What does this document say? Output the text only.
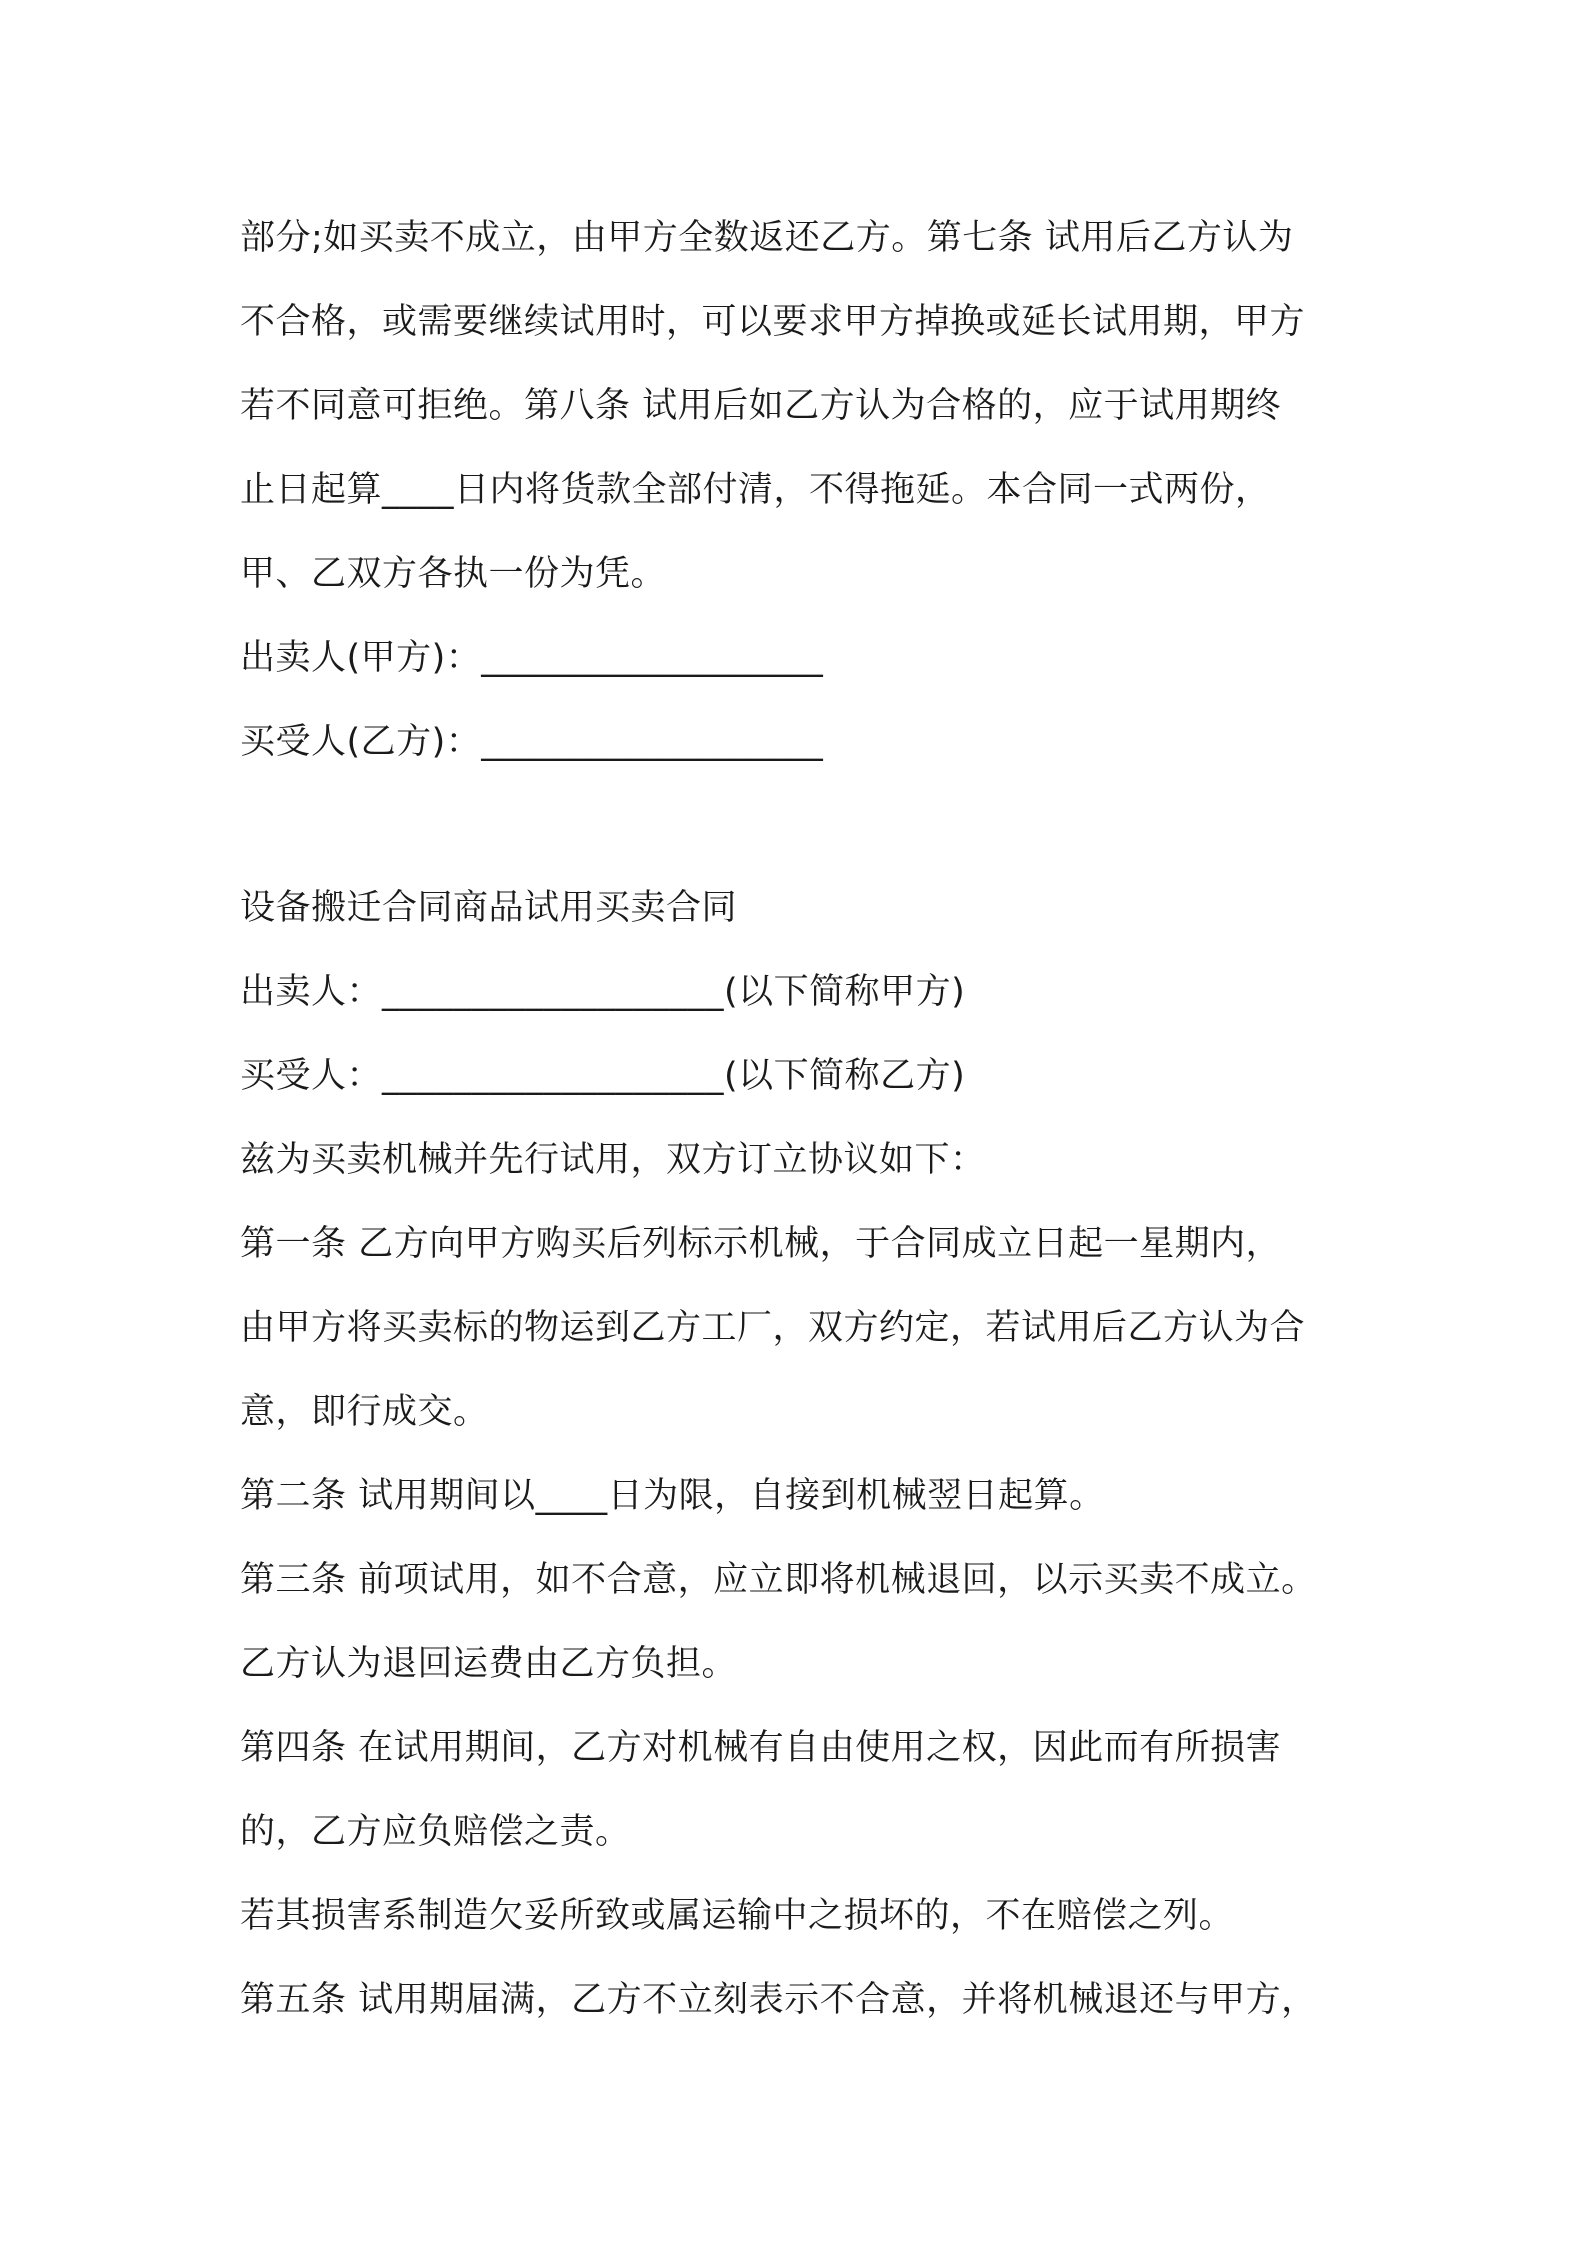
部分;如买卖不成立，由甲方全数返还乙方。第七条 试用后乙方认为
不合格，或需要继续试用时，可以要求甲方掉换或延长试用期，甲方
若不同意可拒绝。第八条 试用后如乙方认为合格的，应于试用期终
止日起算____日内将货款全部付清，不得拖延。本合同一式两份，
甲、乙双方各执一份为凭。
出卖人(甲方)：___________________
买受人(乙方)：___________________
设备搬迁合同商品试用买卖合同
出卖人：___________________(以下简称甲方)
买受人：___________________(以下简称乙方)
兹为买卖机械并先行试用，双方订立协议如下：
第一条 乙方向甲方购买后列标示机械，于合同成立日起一星期内，
由甲方将买卖标的物运到乙方工厂，双方约定，若试用后乙方认为合
意，即行成交。
第二条 试用期间以____日为限，自接到机械翌日起算。
第三条 前项试用，如不合意，应立即将机械退回，以示买卖不成立。
乙方认为退回运费由乙方负担。
第四条 在试用期间，乙方对机械有自由使用之权，因此而有所损害
的，乙方应负赔偿之责。
若其损害系制造欠妥所致或属运输中之损坏的，不在赔偿之列。
第五条 试用期届满，乙方不立刻表示不合意，并将机械退还与甲方，
